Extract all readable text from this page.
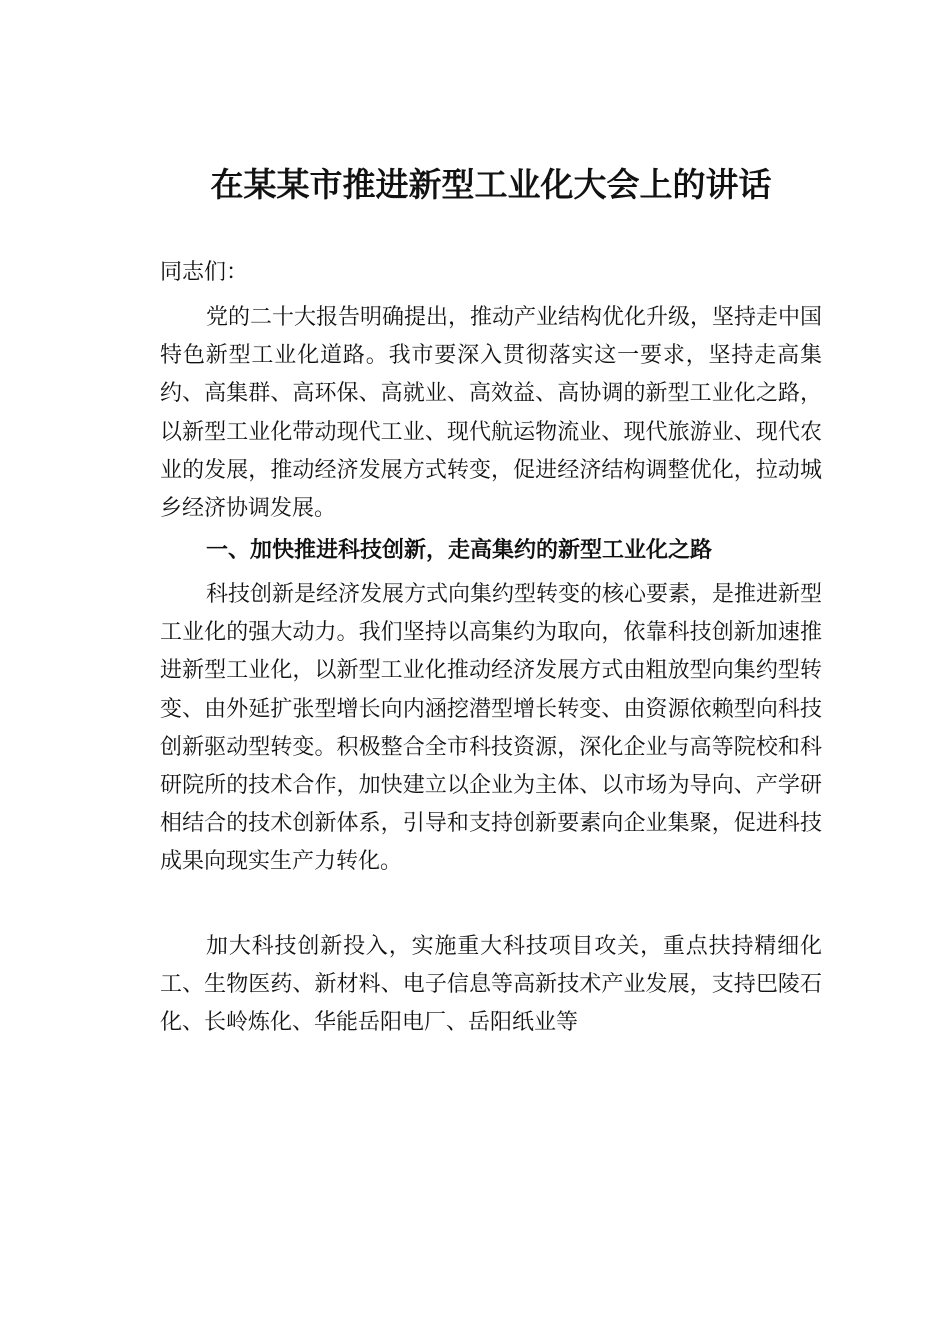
在某某市推进新型工业化大会上的讲话
同志们：

党的二十大报告明确提出，推动产业结构优化升级，坚持走中国特色新型工业化道路。我市要深入贯彻落实这一要求，坚持走高集约、高集群、高环保、高就业、高效益、高协调的新型工业化之路，以新型工业化带动现代工业、现代航运物流业、现代旅游业、现代农业的发展，推动经济发展方式转变，促进经济结构调整优化，拉动城乡经济协调发展。

一、加快推进科技创新，走高集约的新型工业化之路

科技创新是经济发展方式向集约型转变的核心要素，是推进新型工业化的强大动力。我们坚持以高集约为取向，依靠科技创新加速推进新型工业化，以新型工业化推动经济发展方式由粗放型向集约型转变、由外延扩张型增长向内涵挖潜型增长转变、由资源依赖型向科技创新驱动型转变。积极整合全市科技资源，深化企业与高等院校和科研院所的技术合作，加快建立以企业为主体、以市场为导向、产学研相结合的技术创新体系，引导和支持创新要素向企业集聚，促进科技成果向现实生产力转化。

加大科技创新投入，实施重大科技项目攻关，重点扶持精细化工、生物医药、新材料、电子信息等高新技术产业发展，支持巴陵石化、长岭炼化、华能岳阳电厂、岳阳纸业等
